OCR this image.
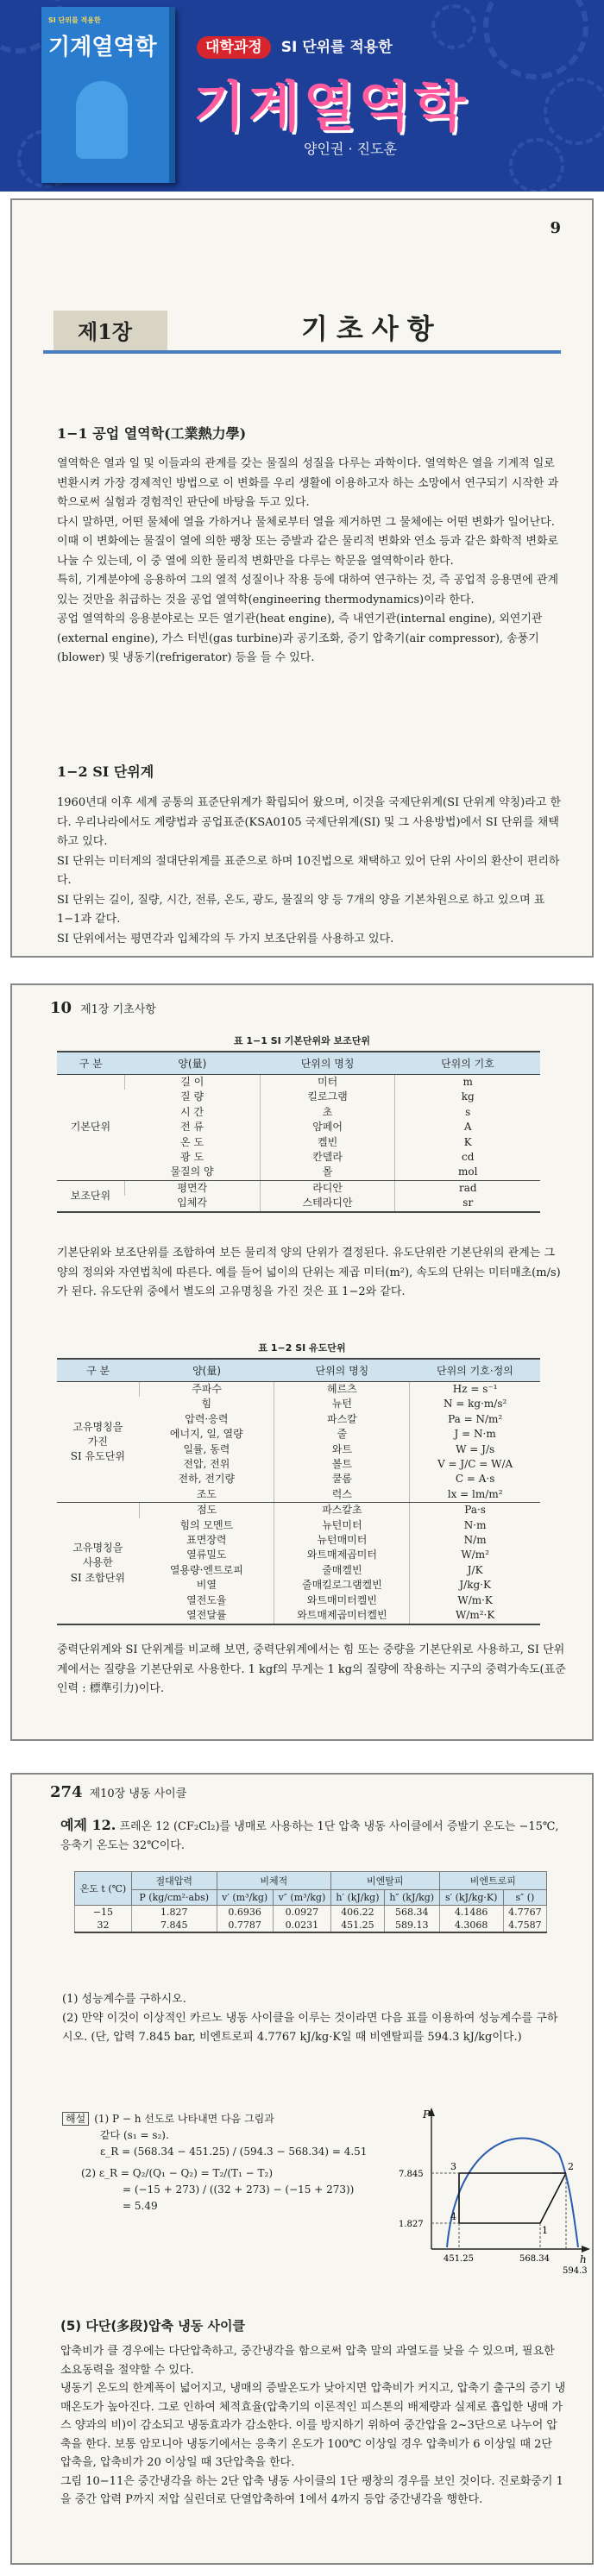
SI 단위를 적용한
기계열역학	대학과정 SI 단위를 적용한
기계열역학
양인권 · 진도훈
9
제1장	기초사항
1−1 공업 열역학(工業熱力學)

열역학은 열과 일 및 이들과의 관계를 갖는 물질의 성질을 다루는 과학이다. 열역학은 열을 기계적 일로 변환시켜 가장 경제적인 방법으로 이 변화를 우리 생활에 이용하고자 하는 소망에서 연구되기 시작한 과학으로써 실험과 경험적인 판단에 바탕을 두고 있다.

다시 말하면, 어떤 물체에 열을 가하거나 물체로부터 열을 제거하면 그 물체에는 어떤 변화가 일어난다. 이때 이 변화에는 물질이 열에 의한 팽창 또는 증발과 같은 물리적 변화와 연소 등과 같은 화학적 변화로 나눌 수 있는데, 이 중 열에 의한 물리적 변화만을 다루는 학문을 열역학이라 한다.

특히, 기계분야에 응용하여 그의 열적 성질이나 작용 등에 대하여 연구하는 것, 즉 공업적 응용면에 관계 있는 것만을 취급하는 것을 공업 열역학(engineering thermodynamics)이라 한다.

공업 열역학의 응용분야로는 모든 열기관(heat engine), 즉 내연기관(internal engine), 외연기관(external engine), 가스 터빈(gas turbine)과 공기조화, 증기 압축기(air compressor), 송풍기(blower) 및 냉동기(refrigerator) 등을 들 수 있다.

1−2 SI 단위계

1960년대 이후 세계 공통의 표준단위계가 확립되어 왔으며, 이것을 국제단위계(SI 단위계 약칭)라고 한다. 우리나라에서도 계량법과 공업표준(KSA0105 국제단위계(SI) 및 그 사용방법)에서 SI 단위를 채택하고 있다.

SI 단위는 미터계의 절대단위계를 표준으로 하며 10진법으로 채택하고 있어 단위 사이의 환산이 편리하다.

SI 단위는 길이, 질량, 시간, 전류, 온도, 광도, 물질의 양 등 7개의 양을 기본차원으로 하고 있으며 표 1−1과 같다.

SI 단위에서는 평면각과 입체각의 두 가지 보조단위를 사용하고 있다.

10 제1장 기초사항
표 1−1 SI 기본단위와 보조단위
구 분	양(量)	단위의 명칭	단위의 기호
기본단위	길 이	미터	m
	질 량	킬로그램	kg
	시 간	초	s
	전 류	암페어	A
	온 도	켈빈	K
	광 도	칸델라	cd
	물질의 양	몰	mol
보조단위	평면각	라디안	rad
	입체각	스테라디안	sr

기본단위와 보조단위를 조합하여 보든 물리적 양의 단위가 결정된다. 유도단위란 기본단위의 관계는 그 양의 정의와 자연법칙에 따른다. 예를 들어 넓이의 단위는 제곱 미터(m²), 속도의 단위는 미터매초(m/s)가 된다. 유도단위 중에서 별도의 고유명칭을 가진 것은 표 1−2와 같다.

표 1−2 SI 유도단위
구 분	양(量)	단위의 명칭	단위의 기호·정의
고유명칭을
가진
SI 유도단위	주파수	헤르츠	Hz = s⁻¹
	힘	뉴턴	N = kg·m/s²
	압력·응력	파스칼	Pa = N/m²
	에너지, 일, 열량	줄	J = N·m
	일률, 동력	와트	W = J/s
	전압, 전위	볼트	V = J/C = W/A
	전하, 전기량	쿨롬	C = A·s
	조도	럭스	lx = lm/m²
고유명칭을
사용한
SI 조합단위	점도	파스칼초	Pa·s
	힘의 모멘트	뉴턴미터	N·m
	표면장력	뉴턴매미터	N/m
	열류밀도	와트매제곱미터	W/m²
	열용량·엔트로피	줄매켈빈	J/K
	비열	줄매킬로그램켈빈	J/kg·K
	열전도율	와트매미터켈빈	W/m·K
	열전달률	와트매제곱미터켈빈	W/m²·K

중력단위계와 SI 단위계를 비교해 보면, 중력단위계에서는 힘 또는 중량을 기본단위로 사용하고, SI 단위계에서는 질량을 기본단위로 사용한다. 1 kgf의 무게는 1 kg의 질량에 작용하는 지구의 중력가속도(표준인력 : 標準引力)이다.

274 제10장 냉동 사이클
예제 12. 프레온 12 (CF₂Cl₂)를 냉매로 사용하는 1단 압축 냉동 사이클에서 증발기 온도는 −15℃, 응축기 온도는 32℃이다.
온도 t (℃)	절대압력	비체적		비엔탈피		비엔트로피	
	P (kg/cm²·abs)	v′ (m³/kg)	v″ (m³/kg)	h′ (kJ/kg)	h″ (kJ/kg)	s′ (kJ/kg·K)	s″ ()
−15	1.827	0.6936	0.0927	406.22	568.34	4.1486	4.7767
32	7.845	0.7787	0.0231	451.25	589.13	4.3068	4.7587
(1) 성능계수를 구하시오.
(2) 만약 이것이 이상적인 카르노 냉동 사이클을 이루는 것이라면 다음 표를 이용하여 성능계수를 구하시오. (단, 압력 7.845 bar, 비엔트로피 4.7767 kJ/kg·K일 때 비엔탈피를 594.3 kJ/kg이다.)
해설 (1) P − h 선도로 나타내면 다음 그림과
같다 (s₁ = s₂).
ε_R = (568.34 − 451.25) / (594.3 − 568.34) = 4.51
(2) ε_R = Q₂/(Q₁ − Q₂) = T₂/(T₁ − T₂)
= (−15 + 273) / ((32 + 273) − (−15 + 273))
= 5.49
P
h
7.845
1.827
451.25	568.34
594.3
1
2
3
4
(5) 다단(多段)압축 냉동 사이클

압축비가 클 경우에는 다단압축하고, 중간냉각을 함으로써 압축 말의 과열도를 낮을 수 있으며, 필요한 소요동력을 절약할 수 있다.

냉동기 온도의 한계폭이 넓어지고, 냉매의 증발온도가 낮아지면 압축비가 커지고, 압축기 출구의 증기 냉매온도가 높아진다. 그로 인하여 체적효율(압축기의 이론적인 피스톤의 배제량과 실제로 흡입한 냉매 가스 양과의 비)이 감소되고 냉동효과가 감소한다. 이를 방지하기 위하여 중간압을 2~3단으로 나누어 압축을 한다. 보통 암모니아 냉동기에서는 응축기 온도가 100℃ 이상일 경우 압축비가 6 이상일 때 2단 압축을, 압축비가 20 이상일 때 3단압축을 한다.

그림 10−11은 중간냉각을 하는 2단 압축 냉동 사이클의 1단 팽창의 경우를 보인 것이다. 진로화중기 1을 중간 압력 P까지 저압 실린더로 단열압축하여 1에서 4까지 등압 중간냉각을 행한다.
